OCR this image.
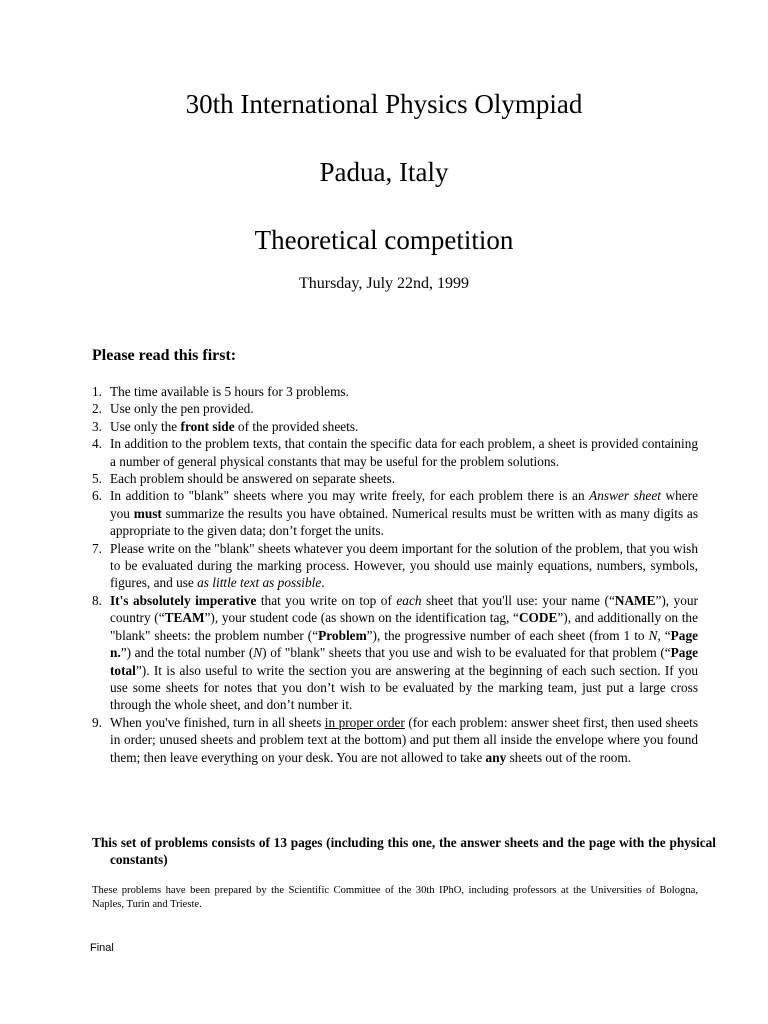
30th International Physics Olympiad
Padua, Italy
Theoretical competition

Thursday, July 22nd, 1999

Please read this first:
1. The time available is 5 hours for 3 problems.
2. Use only the pen provided.
3. Use only the front side of the provided sheets.
4. In addition to the problem texts, that contain the specific data for each problem, a sheet is provided containing a number of general physical constants that may be useful for the problem solutions.
5. Each problem should be answered on separate sheets.
6. In addition to "blank" sheets where you may write freely, for each problem there is an Answer sheet where you must summarize the results you have obtained. Numerical results must be written with as many digits as appropriate to the given data; don’t forget the units.
7. Please write on the "blank" sheets whatever you deem important for the solution of the problem, that you wish to be evaluated during the marking process. However, you should use mainly equations, numbers, symbols, figures, and use as little text as possible.
8. It's absolutely imperative that you write on top of each sheet that you'll use: your name (“NAME”), your country (“TEAM”), your student code (as shown on the identification tag, “CODE”), and additionally on the "blank" sheets: the problem number (“Problem”), the progressive number of each sheet (from 1 to N, “Page n.”) and the total number (N) of "blank" sheets that you use and wish to be evaluated for that problem (“Page total”). It is also useful to write the section you are answering at the beginning of each such section. If you use some sheets for notes that you don’t wish to be evaluated by the marking team, just put a large cross through the whole sheet, and don’t number it.
9. When you've finished, turn in all sheets in proper order (for each problem: answer sheet first, then used sheets in order; unused sheets and problem text at the bottom) and put them all inside the envelope where you found them; then leave everything on your desk. You are not allowed to take any sheets out of the room.

This set of problems consists of 13 pages (including this one, the answer sheets and the page with the physical constants)

These problems have been prepared by the Scientific Committee of the 30th IPhO, including professors at the Universities of Bologna, Naples, Turin and Trieste.

Final
